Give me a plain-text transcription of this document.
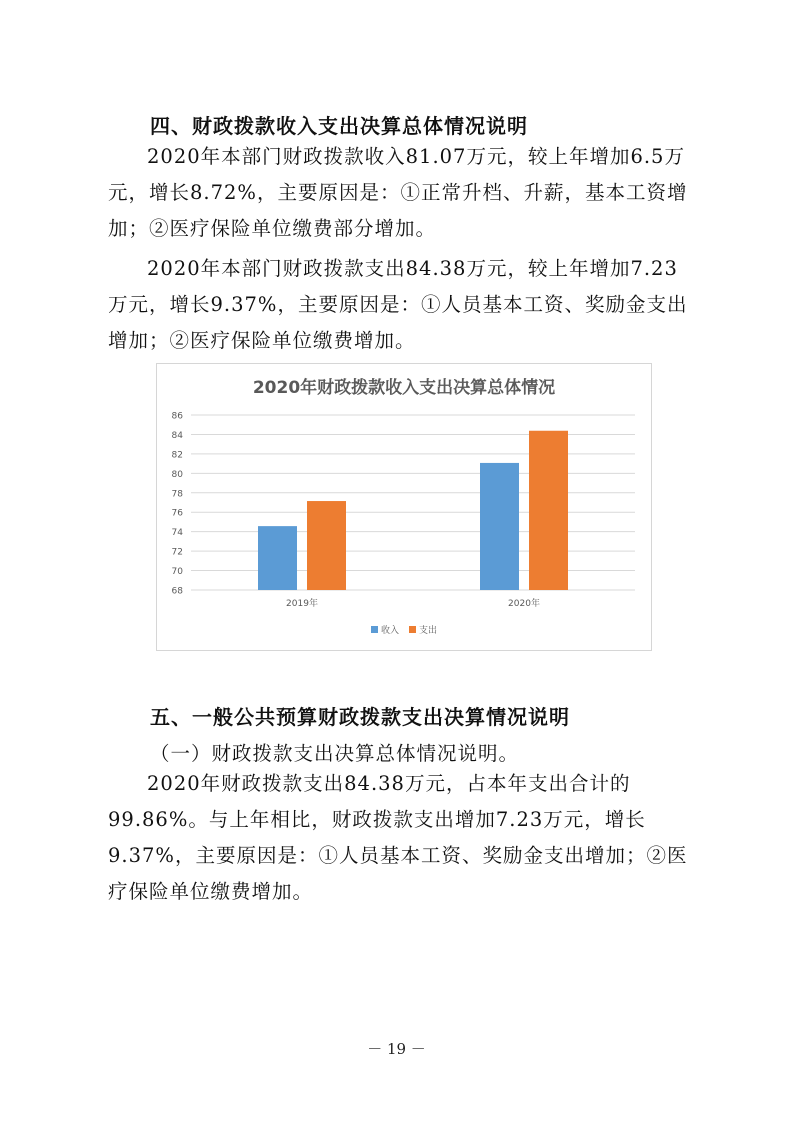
四、财政拨款收入支出决算总体情况说明

2020年本部门财政拨款收入81.07万元，较上年增加6.5万元，增长8.72%，主要原因是：①正常升档、升薪，基本工资增加；②医疗保险单位缴费部分增加。

2020年本部门财政拨款支出84.38万元，较上年增加7.23万元，增长9.37%，主要原因是：①人员基本工资、奖励金支出增加；②医疗保险单位缴费增加。

2020年财政拨款收入支出决算总体情况
68
70
72
74
76
78
80
82
84
86
2019年	2020年
收入 支出
五、一般公共预算财政拨款支出决算情况说明
（一）财政拨款支出决算总体情况说明。

2020年财政拨款支出84.38万元，占本年支出合计的99.86%。与上年相比，财政拨款支出增加7.23万元，增长9.37%，主要原因是：①人员基本工资、奖励金支出增加；②医疗保险单位缴费增加。

－ 19 －
